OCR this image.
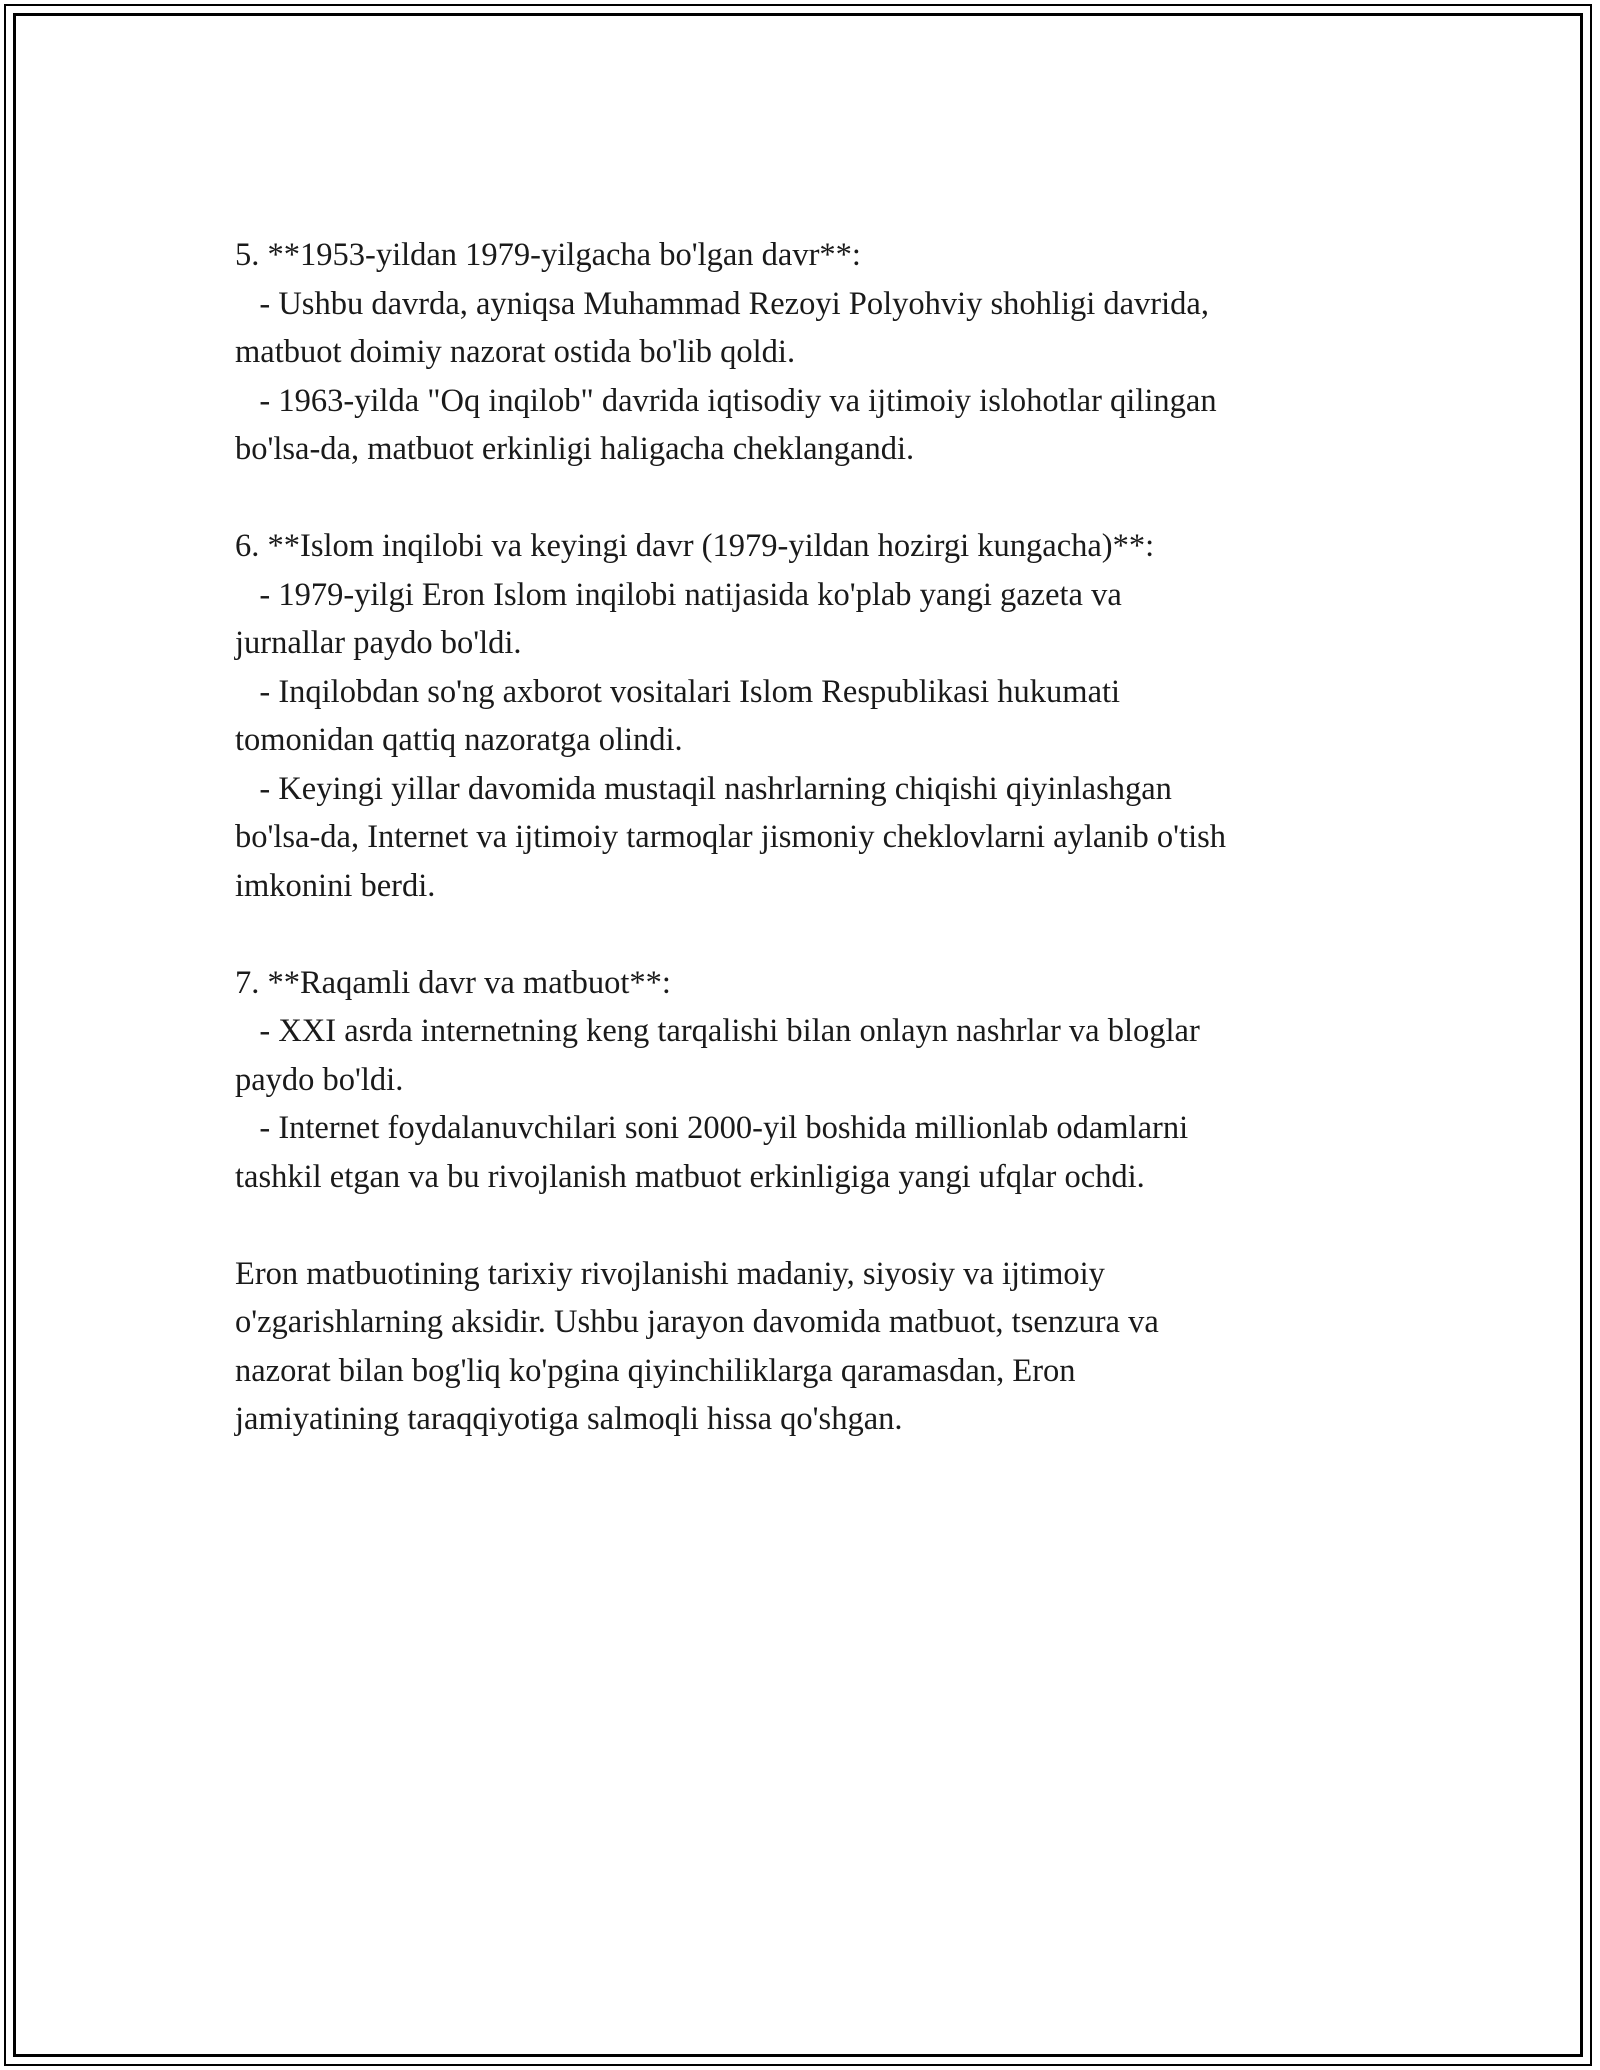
5. **1953-yildan 1979-yilgacha bo'lgan davr**:
- Ushbu davrda, ayniqsa Muhammad Rezoyi Polyohviy shohligi davrida,
matbuot doimiy nazorat ostida bo'lib qoldi.
- 1963-yilda "Oq inqilob" davrida iqtisodiy va ijtimoiy islohotlar qilingan
bo'lsa-da, matbuot erkinligi haligacha cheklangandi.
6. **Islom inqilobi va keyingi davr (1979-yildan hozirgi kungacha)**:
- 1979-yilgi Eron Islom inqilobi natijasida ko'plab yangi gazeta va
jurnallar paydo bo'ldi.
- Inqilobdan so'ng axborot vositalari Islom Respublikasi hukumati
tomonidan qattiq nazoratga olindi.
- Keyingi yillar davomida mustaqil nashrlarning chiqishi qiyinlashgan
bo'lsa-da, Internet va ijtimoiy tarmoqlar jismoniy cheklovlarni aylanib o'tish
imkonini berdi.
7. **Raqamli davr va matbuot**:
- XXI asrda internetning keng tarqalishi bilan onlayn nashrlar va bloglar
paydo bo'ldi.
- Internet foydalanuvchilari soni 2000-yil boshida millionlab odamlarni
tashkil etgan va bu rivojlanish matbuot erkinligiga yangi ufqlar ochdi.
Eron matbuotining tarixiy rivojlanishi madaniy, siyosiy va ijtimoiy
o'zgarishlarning aksidir. Ushbu jarayon davomida matbuot, tsenzura va
nazorat bilan bog'liq ko'pgina qiyinchiliklarga qaramasdan, Eron
jamiyatining taraqqiyotiga salmoqli hissa qo'shgan.
